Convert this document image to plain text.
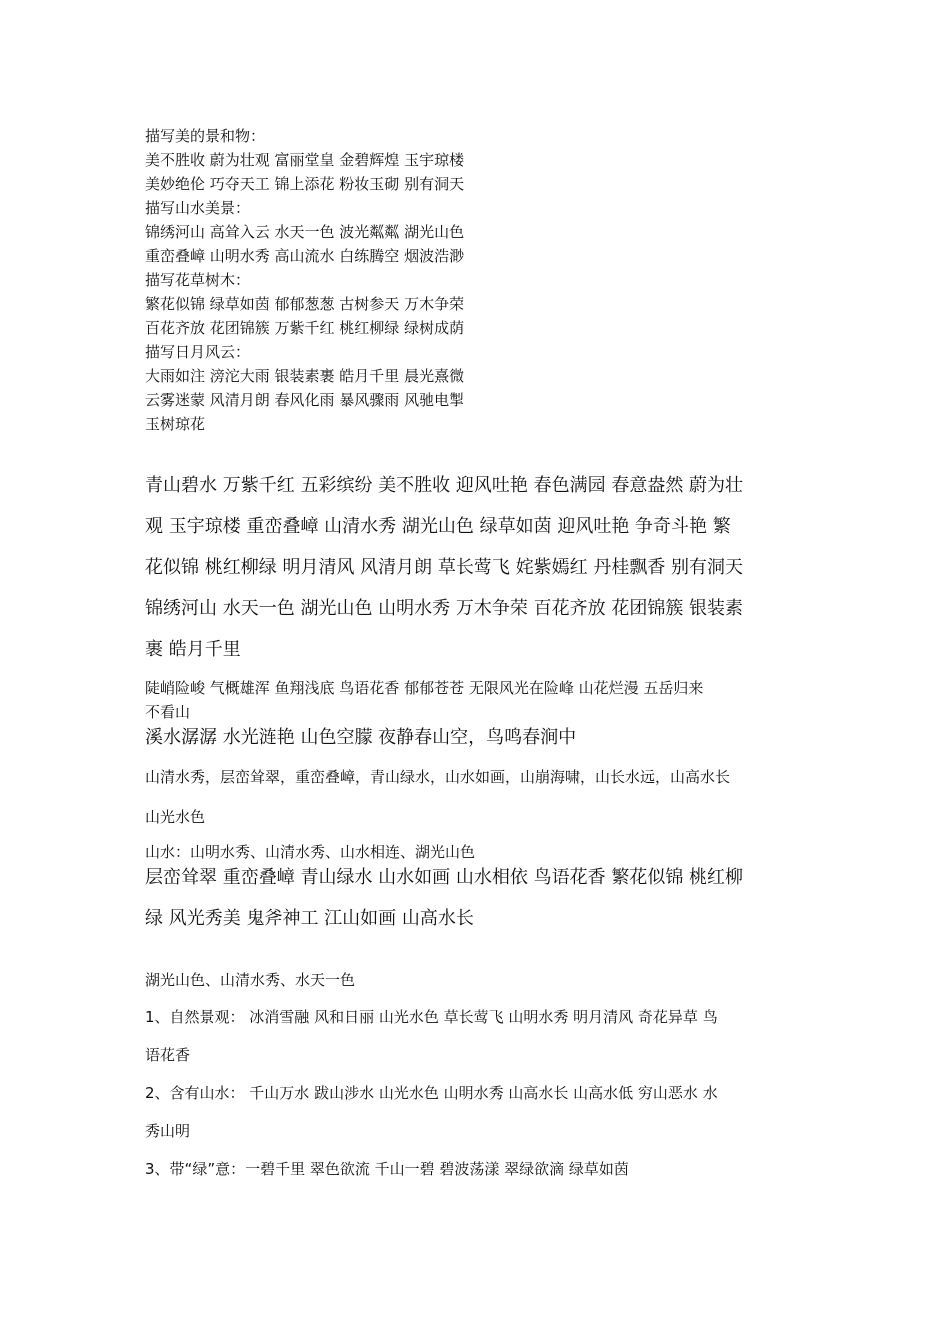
描写美的景和物：
美不胜收 蔚为壮观 富丽堂皇 金碧辉煌 玉宇琼楼
美妙绝伦 巧夺天工 锦上添花 粉妆玉砌 别有洞天
描写山水美景：
锦绣河山 高耸入云 水天一色 波光粼粼 湖光山色
重峦叠嶂 山明水秀 高山流水 白练腾空 烟波浩渺
描写花草树木：
繁花似锦 绿草如茵 郁郁葱葱 古树参天 万木争荣
百花齐放 花团锦簇 万紫千红 桃红柳绿 绿树成荫
描写日月风云：
大雨如注 滂沱大雨 银装素裹 皓月千里 晨光熹微
云雾迷蒙 风清月朗 春风化雨 暴风骤雨 风驰电掣
玉树琼花
青山碧水 万紫千红 五彩缤纷 美不胜收 迎风吐艳 春色满园 春意盎然 蔚为壮
观 玉宇琼楼 重峦叠嶂 山清水秀 湖光山色 绿草如茵 迎风吐艳 争奇斗艳 繁
花似锦 桃红柳绿 明月清风 风清月朗 草长莺飞 姹紫嫣红 丹桂飘香 别有洞天
锦绣河山 水天一色 湖光山色 山明水秀 万木争荣 百花齐放 花团锦簇 银装素
裹 皓月千里
陡峭险峻 气概雄浑 鱼翔浅底 鸟语花香 郁郁苍苍 无限风光在险峰 山花烂漫 五岳归来
不看山
溪水潺潺 水光涟艳 山色空朦 夜静春山空，鸟鸣春涧中
山清水秀，层峦耸翠，重峦叠嶂，青山绿水，山水如画，山崩海啸，山长水远，山高水长
山光水色
山水：山明水秀、山清水秀、山水相连、湖光山色
层峦耸翠 重峦叠嶂 青山绿水 山水如画 山水相依 鸟语花香 繁花似锦 桃红柳
绿 风光秀美 鬼斧神工 江山如画 山高水长
湖光山色、山清水秀、水天一色
1、自然景观： 冰消雪融 风和日丽 山光水色 草长莺飞 山明水秀 明月清风 奇花异草 鸟
语花香
2、含有山水： 千山万水 跋山涉水 山光水色 山明水秀 山高水长 山高水低 穷山恶水 水
秀山明
3、带“绿”意：一碧千里 翠色欲流 千山一碧 碧波荡漾 翠绿欲滴 绿草如茵
